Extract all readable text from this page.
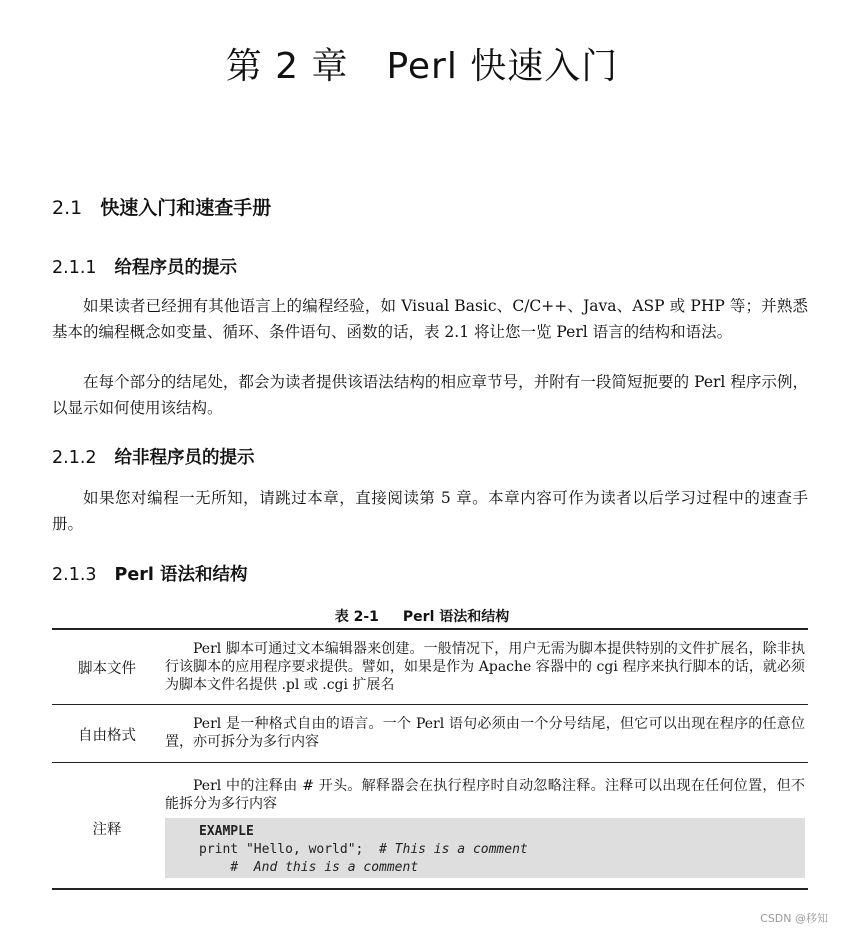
第 2 章 Perl 快速入门
2.1 快速入门和速查手册
2.1.1 给程序员的提示
如果读者已经拥有其他语言上的编程经验，如 Visual Basic、C/C++、Java、ASP 或 PHP 等；并熟悉基本的编程概念如变量、循环、条件语句、函数的话，表 2.1 将让您一览 Perl 语言的结构和语法。
在每个部分的结尾处，都会为读者提供该语法结构的相应章节号，并附有一段简短扼要的 Perl 程序示例，以显示如何使用该结构。
2.1.2 给非程序员的提示
如果您对编程一无所知，请跳过本章，直接阅读第 5 章。本章内容可作为读者以后学习过程中的速查手册。
2.1.3 Perl 语法和结构
表 2-1 Perl 语法和结构
脚本文件
Perl 脚本可通过文本编辑器来创建。一般情况下，用户无需为脚本提供特别的文件扩展名，除非执行该脚本的应用程序要求提供。譬如，如果是作为 Apache 容器中的 cgi 程序来执行脚本的话，就必须为脚本文件名提供 .pl 或 .cgi 扩展名
自由格式
Perl 是一种格式自由的语言。一个 Perl 语句必须由一个分号结尾，但它可以出现在程序的任意位置，亦可拆分为多行内容
注释
Perl 中的注释由 # 开头。解释器会在执行程序时自动忽略注释。注释可以出现在任何位置，但不能拆分为多行内容
EXAMPLE
print "Hello, world";  # This is a comment
#  And this is a comment
CSDN @移知
